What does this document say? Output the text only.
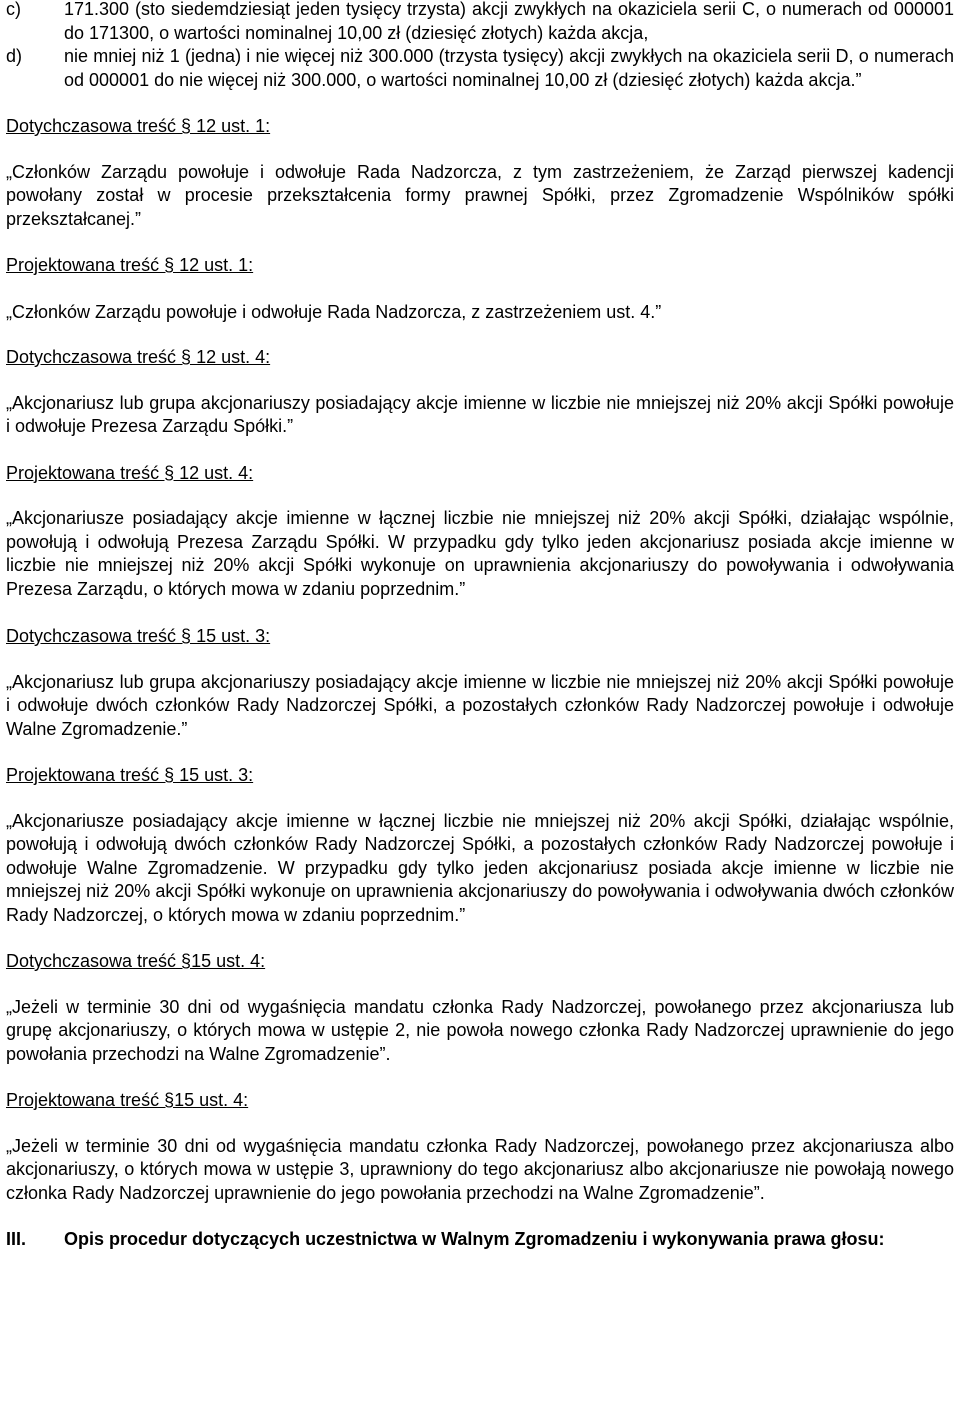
c) 171.300 (sto siedemdziesiąt jeden tysięcy trzysta) akcji zwykłych na okaziciela serii C, o numerach od 000001 do 171300, o wartości nominalnej 10,00 zł (dziesięć złotych) każda akcja,
d) nie mniej niż 1 (jedna) i nie więcej niż 300.000 (trzysta tysięcy) akcji zwykłych na okaziciela serii D, o numerach od 000001 do nie więcej niż 300.000, o wartości nominalnej 10,00 zł (dziesięć złotych) każda akcja.”

Dotychczasowa treść § 12 ust. 1:

„Członków Zarządu powołuje i odwołuje Rada Nadzorcza, z tym zastrzeżeniem, że Zarząd pierwszej kadencji powołany został w procesie przekształcenia formy prawnej Spółki, przez Zgromadzenie Wspólników spółki przekształcanej.”

Projektowana treść § 12 ust. 1:

„Członków Zarządu powołuje i odwołuje Rada Nadzorcza, z zastrzeżeniem ust. 4.”

Dotychczasowa treść § 12 ust. 4:

„Akcjonariusz lub grupa akcjonariuszy posiadający akcje imienne w liczbie nie mniejszej niż 20% akcji Spółki powołuje i odwołuje Prezesa Zarządu Spółki.”

Projektowana treść § 12 ust. 4:

„Akcjonariusze posiadający akcje imienne w łącznej liczbie nie mniejszej niż 20% akcji Spółki, działając wspólnie, powołują i odwołują Prezesa Zarządu Spółki. W przypadku gdy tylko jeden akcjonariusz posiada akcje imienne w liczbie nie mniejszej niż 20% akcji Spółki wykonuje on uprawnienia akcjonariuszy do powoływania i odwoływania Prezesa Zarządu, o których mowa w zdaniu poprzednim.”

Dotychczasowa treść § 15 ust. 3:

„Akcjonariusz lub grupa akcjonariuszy posiadający akcje imienne w liczbie nie mniejszej niż 20% akcji Spółki powołuje i odwołuje dwóch członków Rady Nadzorczej Spółki, a pozostałych członków Rady Nadzorczej powołuje i odwołuje Walne Zgromadzenie.”

Projektowana treść § 15 ust. 3:

„Akcjonariusze posiadający akcje imienne w łącznej liczbie nie mniejszej niż 20% akcji Spółki, działając wspólnie, powołują i odwołują dwóch członków Rady Nadzorczej Spółki, a pozostałych członków Rady Nadzorczej powołuje i odwołuje Walne Zgromadzenie. W przypadku gdy tylko jeden akcjonariusz posiada akcje imienne w liczbie nie mniejszej niż 20% akcji Spółki wykonuje on uprawnienia akcjonariuszy do powoływania i odwoływania dwóch członków Rady Nadzorczej, o których mowa w zdaniu poprzednim.”

Dotychczasowa treść §15 ust. 4:

„Jeżeli w terminie 30 dni od wygaśnięcia mandatu członka Rady Nadzorczej, powołanego przez akcjonariusza lub grupę akcjonariuszy, o których mowa w ustępie 2, nie powoła nowego członka Rady Nadzorczej uprawnienie do jego powołania przechodzi na Walne Zgromadzenie”.

Projektowana treść §15 ust. 4:

„Jeżeli w terminie 30 dni od wygaśnięcia mandatu członka Rady Nadzorczej, powołanego przez akcjonariusza albo akcjonariuszy, o których mowa w ustępie 3, uprawniony do tego akcjonariusz albo akcjonariusze nie powołają nowego członka Rady Nadzorczej uprawnienie do jego powołania przechodzi na Walne Zgromadzenie”.

III. Opis procedur dotyczących uczestnictwa w Walnym Zgromadzeniu i wykonywania prawa głosu:
